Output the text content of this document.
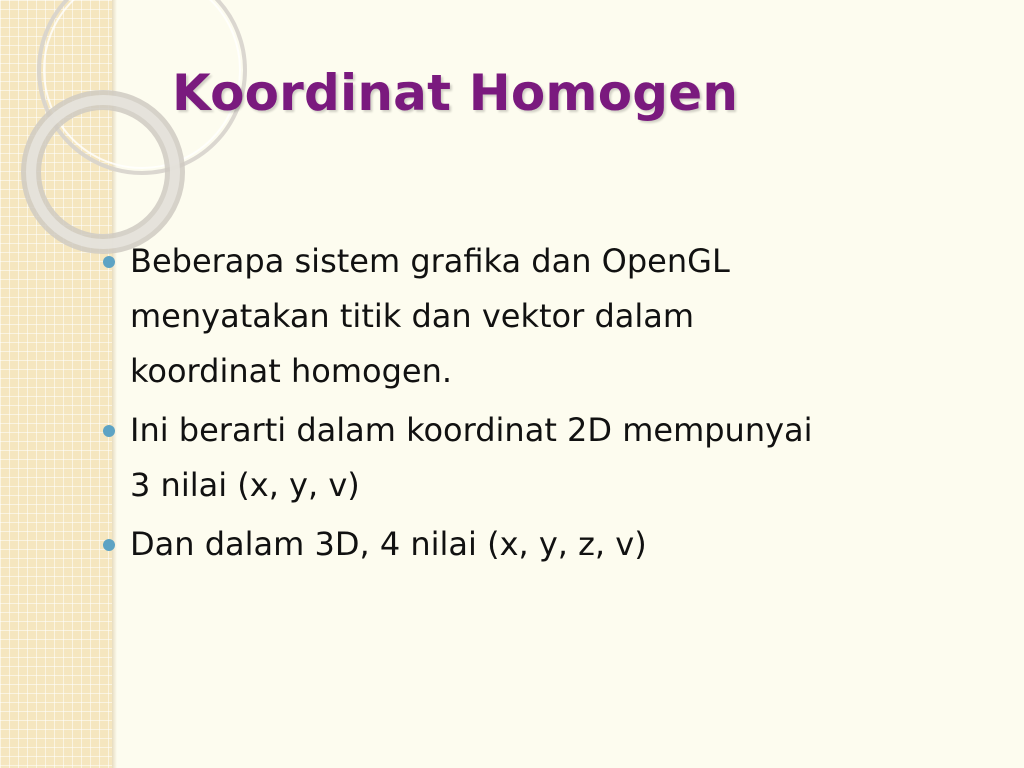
Koordinat Homogen
Beberapa sistem grafika dan OpenGL
menyatakan titik dan vektor dalam
koordinat homogen.
Ini berarti dalam koordinat 2D mempunyai
3 nilai (x, y, v)
Dan dalam 3D, 4 nilai (x, y, z, v)
